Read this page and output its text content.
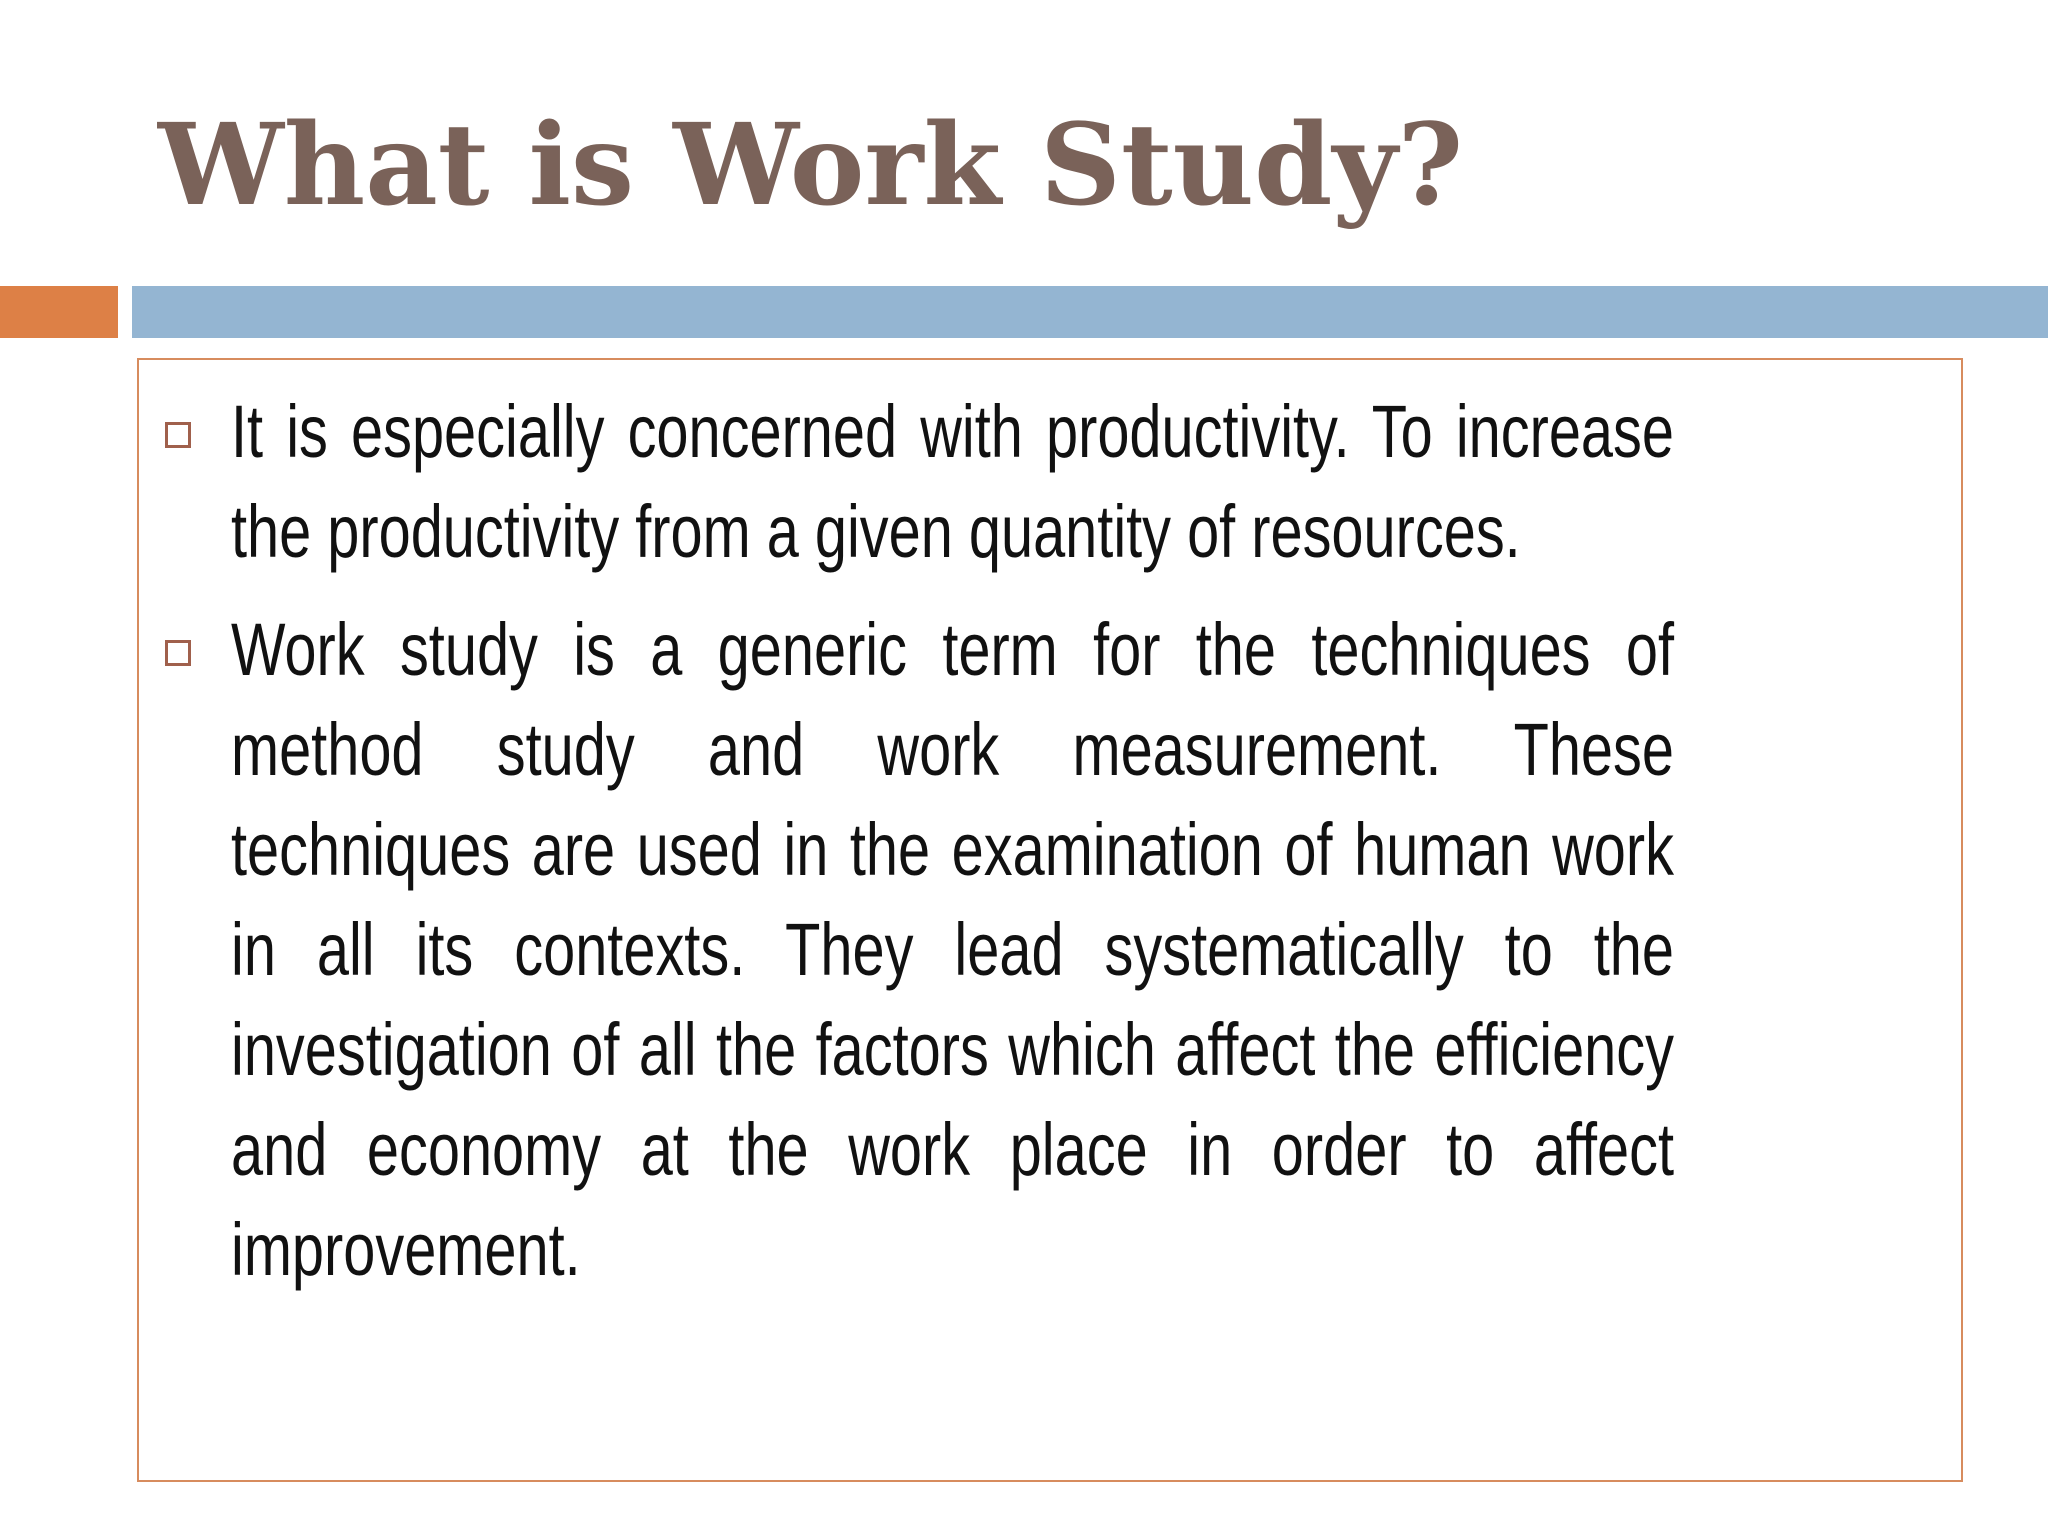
What is Work Study?
It is especially concerned with productivity. To increase the productivity from a given quantity of resources.
Work study is a generic term for the techniques of method study and work measurement. These techniques are used in the examination of human work in all its contexts. They lead systematically to the investigation of all the factors which affect the efficiency and economy at the work place in order to affect improvement.
